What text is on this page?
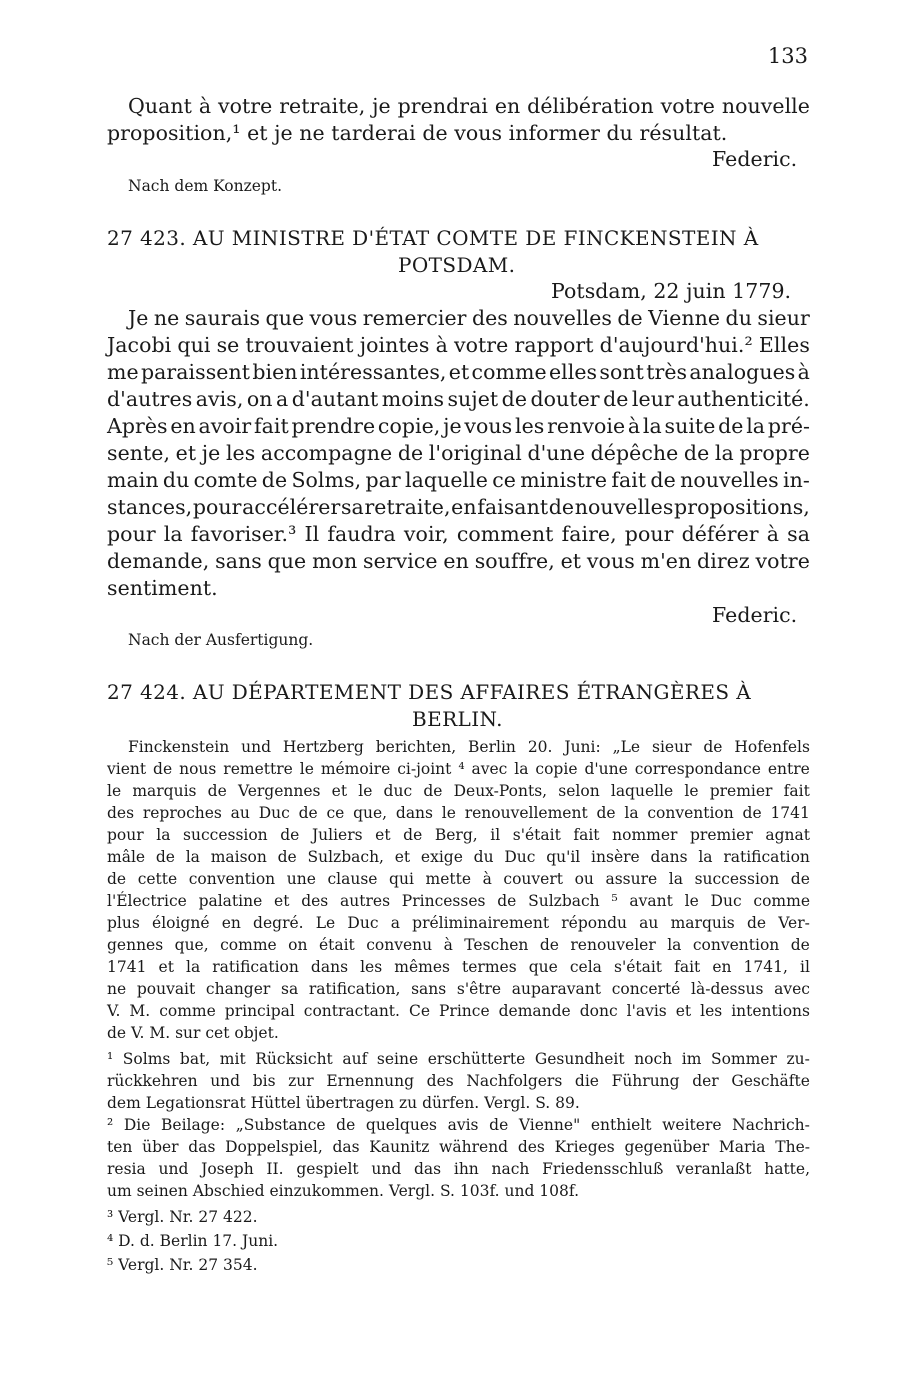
133
Quant à votre retraite, je prendrai en délibération votre nouvelle
proposition,¹ et je ne tarderai de vous informer du résultat.
Federic.
Nach dem Konzept.
27 423. AU MINISTRE D'ÉTAT COMTE DE FINCKENSTEIN À
POTSDAM.
Potsdam, 22 juin 1779.
Je ne saurais que vous remercier des nouvelles de Vienne du sieur
Jacobi qui se trouvaient jointes à votre rapport d'aujourd'hui.² Elles
me paraissent bien intéressantes, et comme elles sont très analogues à
d'autres avis, on a d'autant moins sujet de douter de leur authenticité.
Après en avoir fait prendre copie, je vous les renvoie à la suite de la pré-
sente, et je les accompagne de l'original d'une dépêche de la propre
main du comte de Solms, par laquelle ce ministre fait de nouvelles in-
stances, pour accélérer sa retraite, en faisant de nouvelles propositions,
pour la favoriser.³ Il faudra voir, comment faire, pour déférer à sa
demande, sans que mon service en souffre, et vous m'en direz votre
sentiment.
Federic.
Nach der Ausfertigung.
27 424. AU DÉPARTEMENT DES AFFAIRES ÉTRANGÈRES À
BERLIN.
Finckenstein und Hertzberg berichten, Berlin 20. Juni: „Le sieur de Hofenfels
vient de nous remettre le mémoire ci-joint ⁴ avec la copie d'une correspondance entre
le marquis de Vergennes et le duc de Deux-Ponts, selon laquelle le premier fait
des reproches au Duc de ce que, dans le renouvellement de la convention de 1741
pour la succession de Juliers et de Berg, il s'était fait nommer premier agnat
mâle de la maison de Sulzbach, et exige du Duc qu'il insère dans la ratification
de cette convention une clause qui mette à couvert ou assure la succession de
l'Électrice palatine et des autres Princesses de Sulzbach ⁵ avant le Duc comme
plus éloigné en degré. Le Duc a préliminairement répondu au marquis de Ver-
gennes que, comme on était convenu à Teschen de renouveler la convention de
1741 et la ratification dans les mêmes termes que cela s'était fait en 1741, il
ne pouvait changer sa ratification, sans s'être auparavant concerté là-dessus avec
V. M. comme principal contractant. Ce Prince demande donc l'avis et les intentions
de V. M. sur cet objet.
¹ Solms bat, mit Rücksicht auf seine erschütterte Gesundheit noch im Sommer zu-
rückkehren und bis zur Ernennung des Nachfolgers die Führung der Geschäfte
dem Legationsrat Hüttel übertragen zu dürfen. Vergl. S. 89.
² Die Beilage: „Substance de quelques avis de Vienne" enthielt weitere Nachrich-
ten über das Doppelspiel, das Kaunitz während des Krieges gegenüber Maria The-
resia und Joseph II. gespielt und das ihn nach Friedensschluß veranlaßt hatte,
um seinen Abschied einzukommen. Vergl. S. 103f. und 108f.
³ Vergl. Nr. 27 422.
⁴ D. d. Berlin 17. Juni.
⁵ Vergl. Nr. 27 354.
